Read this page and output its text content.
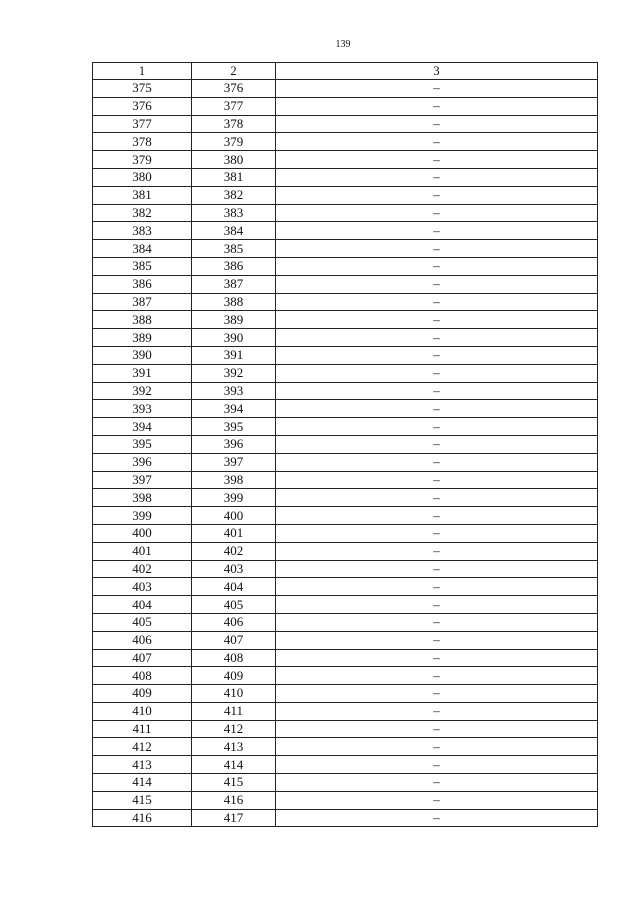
139
1	2	3
375	376	–
376	377	–
377	378	–
378	379	–
379	380	–
380	381	–
381	382	–
382	383	–
383	384	–
384	385	–
385	386	–
386	387	–
387	388	–
388	389	–
389	390	–
390	391	–
391	392	–
392	393	–
393	394	–
394	395	–
395	396	–
396	397	–
397	398	–
398	399	–
399	400	–
400	401	–
401	402	–
402	403	–
403	404	–
404	405	–
405	406	–
406	407	–
407	408	–
408	409	–
409	410	–
410	411	–
411	412	–
412	413	–
413	414	–
414	415	–
415	416	–
416	417	–
